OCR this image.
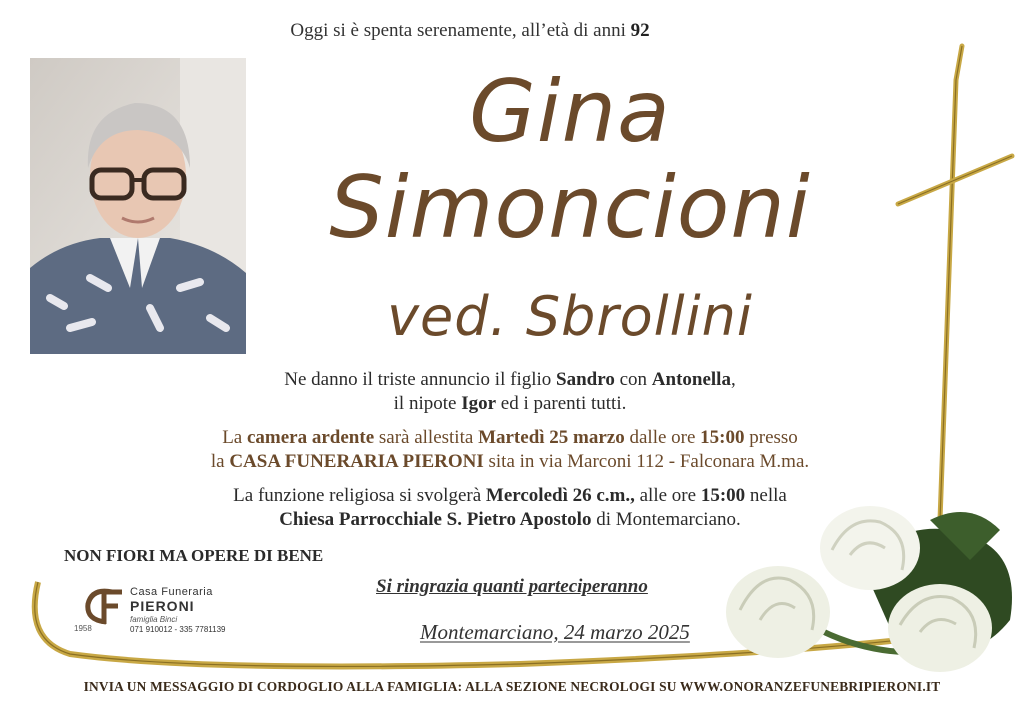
Oggi si è spenta serenamente, all’età di anni 92
Gina
Simoncioni
ved. Sbrollini
Ne danno il triste annuncio il figlio Sandro con Antonella,
il nipote Igor ed i parenti tutti.
La camera ardente sarà allestita Martedì 25 marzo dalle ore 15:00 presso
la CASA FUNERARIA PIERONI sita in via Marconi 112 - Falconara M.ma.
La funzione religiosa si svolgerà Mercoledì 26 c.m., alle ore 15:00 nella
Chiesa Parrocchiale S. Pietro Apostolo di Montemarciano.
NON FIORI MA OPERE DI BENE
Si ringrazia quanti parteciperanno
Montemarciano, 24 marzo 2025
1958
Casa Funeraria
PIERONI
famiglia Binci
071 910012 - 335 7781139
INVIA UN MESSAGGIO DI CORDOGLIO ALLA FAMIGLIA: ALLA SEZIONE NECROLOGI SU WWW.ONORANZEFUNEBRIPIERONI.IT
